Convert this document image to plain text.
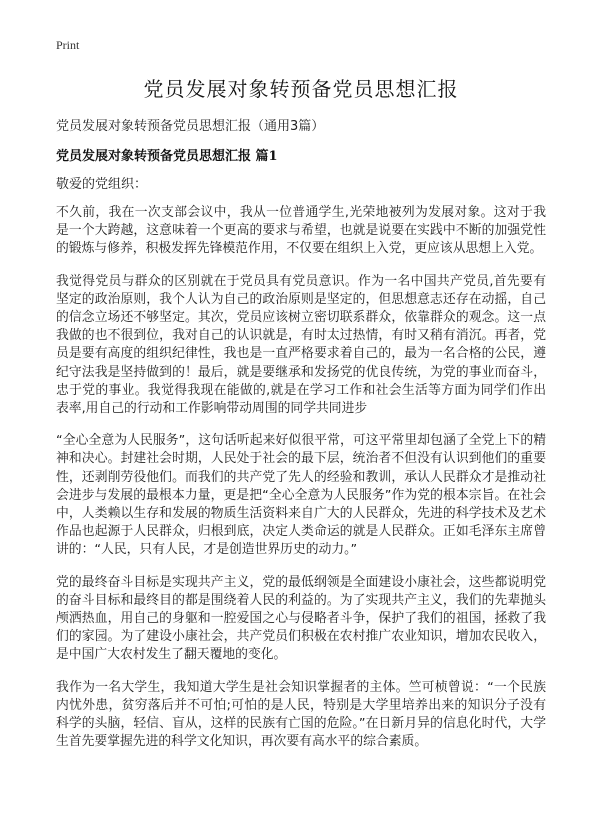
Print
党员发展对象转预备党员思想汇报
党员发展对象转预备党员思想汇报（通用3篇）
党员发展对象转预备党员思想汇报 篇1
敬爱的党组织：

不久前，我在一次支部会议中，我从一位普通学生,光荣地被列为发展对象。这对于我是一个大跨越，这意味着一个更高的要求与希望，也就是说要在实践中不断的加强党性的锻炼与修养，积极发挥先锋模范作用，不仅要在组织上入党，更应该从思想上入党。

我觉得党员与群众的区别就在于党员具有党员意识。作为一名中国共产党员,首先要有坚定的政治原则，我个人认为自己的政治原则是坚定的，但思想意志还存在动摇，自己的信念立场还不够坚定。其次，党员应该树立密切联系群众，依靠群众的观念。这一点我做的也不很到位，我对自己的认识就是，有时太过热情，有时又稍有消沉。再者，党员是要有高度的组织纪律性，我也是一直严格要求着自己的，最为一名合格的公民，遵纪守法我是坚持做到的！最后，就是要继承和发扬党的优良传统，为党的事业而奋斗，忠于党的事业。我觉得我现在能做的,就是在学习工作和社会生活等方面为同学们作出表率,用自己的行动和工作影响带动周围的同学共同进步

“全心全意为人民服务”，这句话听起来好似很平常，可这平常里却包涵了全党上下的精神和决心。封建社会时期，人民处于社会的最下层，统治者不但没有认识到他们的重要性，还剥削劳役他们。而我们的共产党了先人的经验和教训，承认人民群众才是推动社会进步与发展的最根本力量，更是把“全心全意为人民服务”作为党的根本宗旨。在社会中，人类赖以生存和发展的物质生活资料来自广大的人民群众，先进的科学技术及艺术作品也起源于人民群众，归根到底，决定人类命运的就是人民群众。正如毛泽东主席曾讲的：“人民，只有人民，才是创造世界历史的动力。”

党的最终奋斗目标是实现共产主义，党的最低纲领是全面建设小康社会，这些都说明党的奋斗目标和最终目的都是围绕着人民的利益的。为了实现共产主义，我们的先辈抛头颅洒热血，用自己的身躯和一腔爱国之心与侵略者斗争，保护了我们的祖国，拯救了我们的家园。为了建设小康社会，共产党员们积极在农村推广农业知识，增加农民收入，是中国广大农村发生了翻天覆地的变化。

我作为一名大学生，我知道大学生是社会知识掌握者的主体。竺可桢曾说：“一个民族内忧外患，贫穷落后并不可怕;可怕的是人民，特别是大学里培养出来的知识分子没有科学的头脑，轻信、盲从，这样的民族有亡国的危险。”在日新月异的信息化时代，大学生首先要掌握先进的科学文化知识，再次要有高水平的综合素质。
